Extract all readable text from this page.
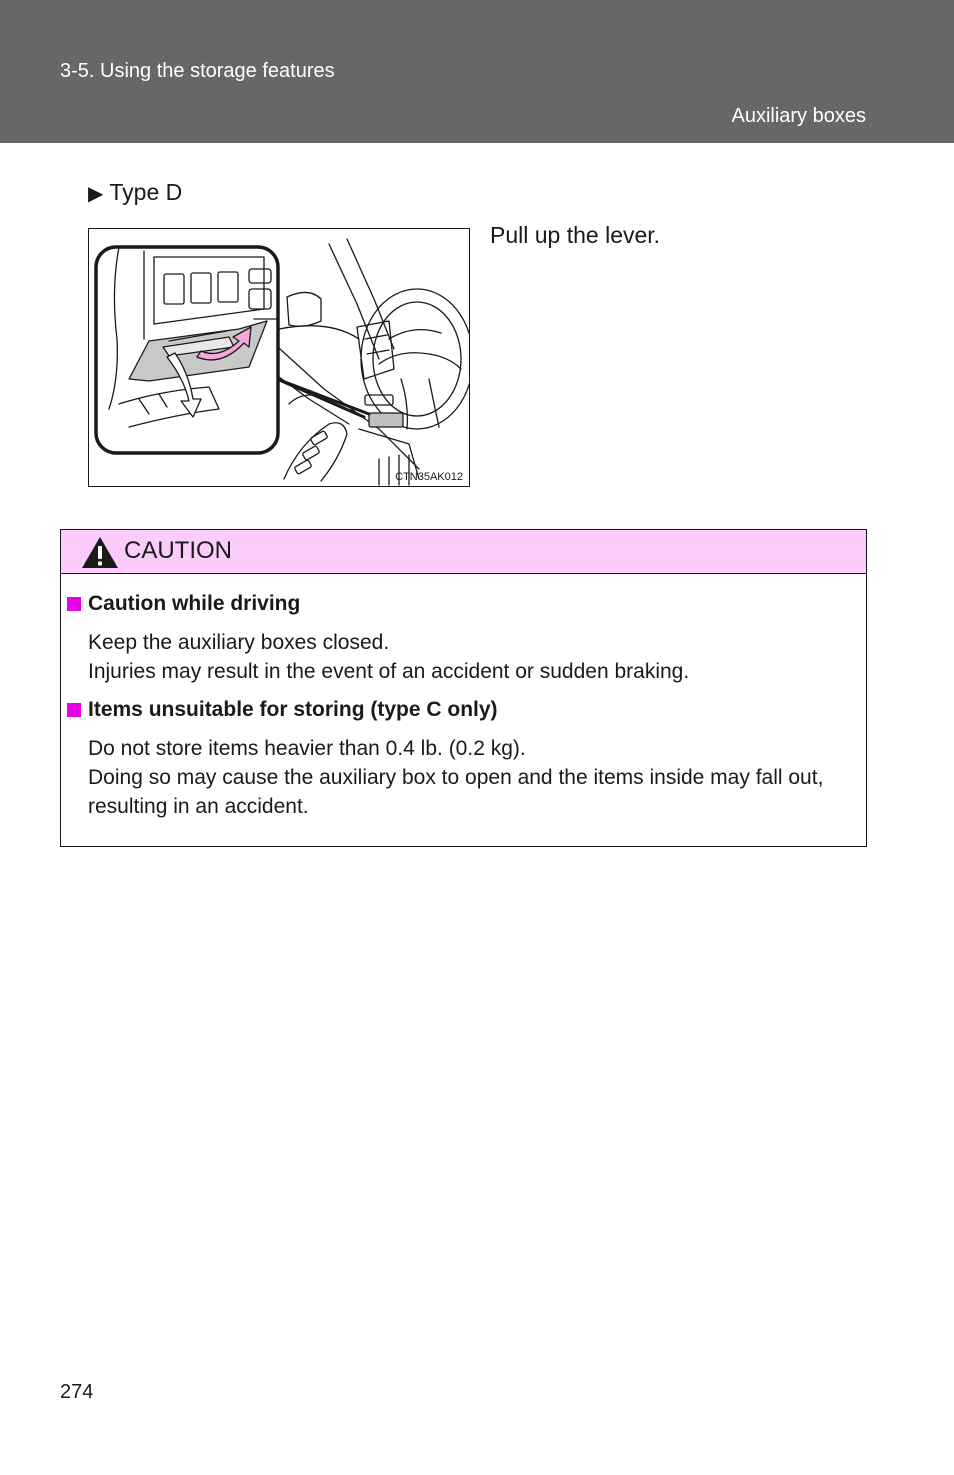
3-5. Using the storage features
Auxiliary boxes
▶ Type D
CTN35AK012
Pull up the lever.
CAUTION
Caution while driving

Keep the auxiliary boxes closed.

Injuries may result in the event of an accident or sudden braking.

Items unsuitable for storing (type C only)

Do not store items heavier than 0.4 lb. (0.2 kg).

Doing so may cause the auxiliary box to open and the items inside may fall out, resulting in an accident.

274
